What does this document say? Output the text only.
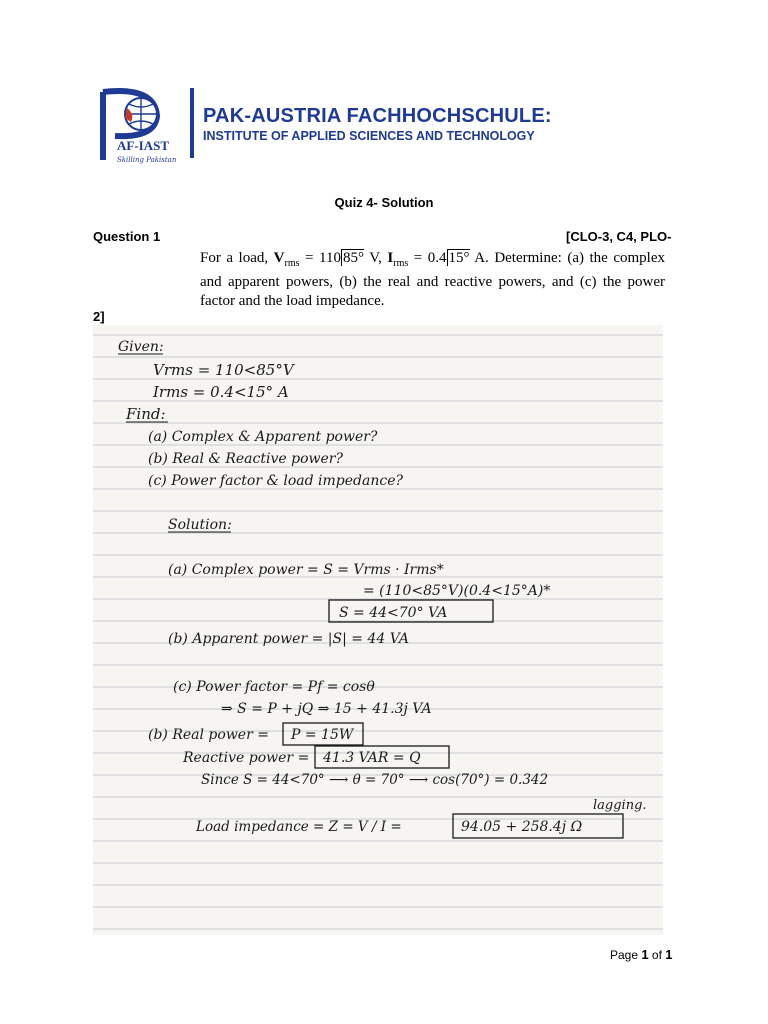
AF-IAST
Skilling Pakistan
PAK-AUSTRIA FACHHOCHSCHULE:
INSTITUTE OF APPLIED SCIENCES AND TECHNOLOGY
Quiz 4- Solution
Question 1	[CLO-3, C4, PLO-
2]
For a load, $V_{rms} = 110$ 85° V, $I_{rms} = 0.4$ 15° A. Determine: (a) the complex and apparent powers, (b) the real and reactive powers, and (c) the power factor and the load impedance.
Given:
Vrms = 110<85°V
Irms = 0.4<15° A
Find:
(a) Complex & Apparent power?
(b) Real & Reactive power?
(c) Power factor & load impedance?
Solution:
(a) Complex power = S = Vrms · Irms*
= (110<85°V)(0.4<15°A)*
S = 44<70° VA
(b) Apparent power = |S| = 44 VA
(c) Power factor = Pf = cosθ
⇒ S = P + jQ ⇒ 15 + 41.3j VA
(b) Real power = P = 15W
Reactive power = 41.3 VAR = Q
Since S = 44<70° ⟶ θ = 70° ⟶ cos(70°) = 0.342
lagging.
Load impedance = Z = V / I =	94.05 + 258.4j Ω
Page 1 of 1
